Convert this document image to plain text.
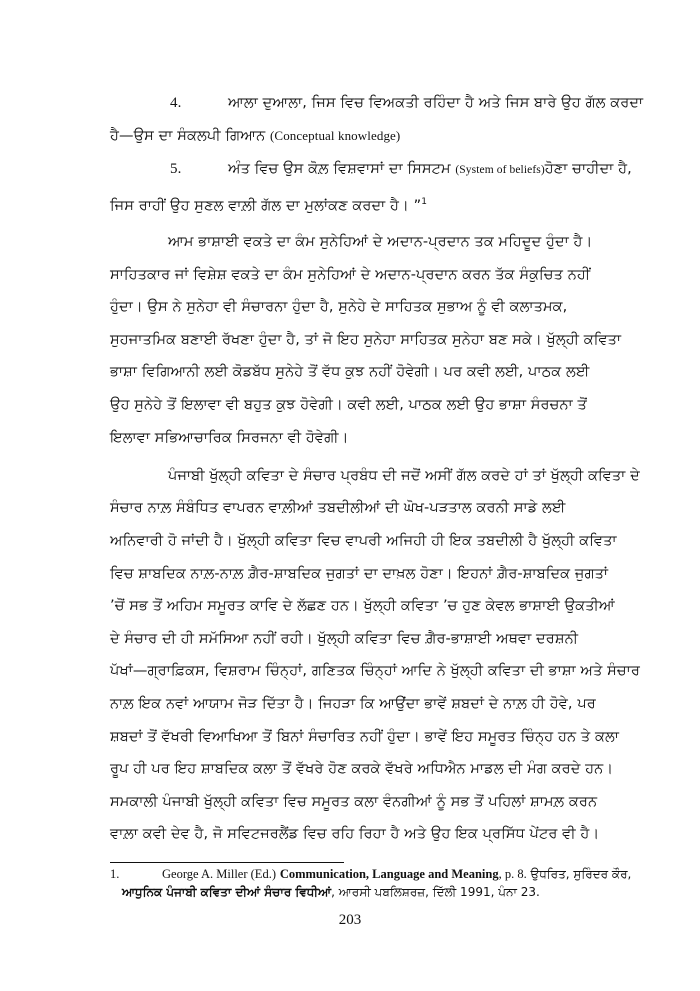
4.	ਆਲਾ ਦੁਆਲਾ, ਜਿਸ ਵਿਚ ਵਿਅਕਤੀ ਰਹਿੰਦਾ ਹੈ ਅਤੇ ਜਿਸ ਬਾਰੇ ਉਹ ਗੱਲ ਕਰਦਾ
ਹੈ—ਉਸ ਦਾ ਸੰਕਲਪੀ ਗਿਆਨ (Conceptual knowledge)
5.	ਅੰਤ ਵਿਚ ਉਸ ਕੋਲ਼ ਵਿਸ਼ਵਾਸਾਂ ਦਾ ਸਿਸਟਮ (System of beliefs)ਹੋਣਾ ਚਾਹੀਦਾ ਹੈ,
ਜਿਸ ਰਾਹੀਂ ਉਹ ਸੁਣਲ ਵਾਲ਼ੀ ਗੱਲ ਦਾ ਮੁਲਾਂਕਣ ਕਰਦਾ ਹੈ। ”$^1$
ਆਮ ਭਾਸ਼ਾਈ ਵਕਤੇ ਦਾ ਕੰਮ ਸੁਨੇਹਿਆਂ ਦੇ ਅਦਾਨ-ਪ੍ਰਦਾਨ ਤਕ ਮਹਿਦੂਦ ਹੁੰਦਾ ਹੈ।
ਸਾਹਿਤਕਾਰ ਜਾਂ ਵਿਸ਼ੇਸ਼ ਵਕਤੇ ਦਾ ਕੰਮ ਸੁਨੇਹਿਆਂ ਦੇ ਅਦਾਨ-ਪ੍ਰਦਾਨ ਕਰਨ ਤੱਕ ਸੰਕੁਚਿਤ ਨਹੀਂ
ਹੁੰਦਾ। ਉਸ ਨੇ ਸੁਨੇਹਾ ਵੀ ਸੰਚਾਰਨਾ ਹੁੰਦਾ ਹੈ, ਸੁਨੇਹੇ ਦੇ ਸਾਹਿਤਕ ਸੁਭਾਅ ਨੂੰ ਵੀ ਕਲਾਤਮਕ,
ਸੁਹਜਾਤਮਿਕ ਬਣਾਈ ਰੱਖਣਾ ਹੁੰਦਾ ਹੈ, ਤਾਂ ਜੋ ਇਹ ਸੁਨੇਹਾ ਸਾਹਿਤਕ ਸੁਨੇਹਾ ਬਣ ਸਕੇ। ਖੁੱਲ੍ਹੀ ਕਵਿਤਾ
ਭਾਸ਼ਾ ਵਿਗਿਆਨੀ ਲਈ ਕੋਡਬੱਧ ਸੁਨੇਹੇ ਤੋਂ ਵੱਧ ਕੁਝ ਨਹੀਂ ਹੋਵੇਗੀ। ਪਰ ਕਵੀ ਲਈ, ਪਾਠਕ ਲਈ
ਉਹ ਸੁਨੇਹੇ ਤੋਂ ਇਲਾਵਾ ਵੀ ਬਹੁਤ ਕੁਝ ਹੋਵੇਗੀ। ਕਵੀ ਲਈ, ਪਾਠਕ ਲਈ ਉਹ ਭਾਸ਼ਾ ਸੰਰਚਨਾ ਤੋਂ
ਇਲਾਵਾ ਸਭਿਆਚਾਰਿਕ ਸਿਰਜਨਾ ਵੀ ਹੋਵੇਗੀ।
ਪੰਜਾਬੀ ਖੁੱਲ੍ਹੀ ਕਵਿਤਾ ਦੇ ਸੰਚਾਰ ਪ੍ਰਬੰਧ ਦੀ ਜਦੋਂ ਅਸੀਂ ਗੱਲ ਕਰਦੇ ਹਾਂ ਤਾਂ ਖੁੱਲ੍ਹੀ ਕਵਿਤਾ ਦੇ
ਸੰਚਾਰ ਨਾਲ਼ ਸੰਬੰਧਿਤ ਵਾਪਰਨ ਵਾਲ਼ੀਆਂ ਤਬਦੀਲੀਆਂ ਦੀ ਘੋਖ-ਪੜਤਾਲ ਕਰਨੀ ਸਾਡੇ ਲਈ
ਅਨਿਵਾਰੀ ਹੋ ਜਾਂਦੀ ਹੈ। ਖੁੱਲ੍ਹੀ ਕਵਿਤਾ ਵਿਚ ਵਾਪਰੀ ਅਜਿਹੀ ਹੀ ਇਕ ਤਬਦੀਲੀ ਹੈ ਖੁੱਲ੍ਹੀ ਕਵਿਤਾ
ਵਿਚ ਸ਼ਾਬਦਿਕ ਨਾਲ਼-ਨਾਲ਼ ਗ਼ੈਰ-ਸ਼ਾਬਦਿਕ ਜੁਗਤਾਂ ਦਾ ਦਾਖ਼ਲ ਹੋਣਾ। ਇਹਨਾਂ ਗ਼ੈਰ-ਸ਼ਾਬਦਿਕ ਜੁਗਤਾਂ
’ਚੋਂ ਸਭ ਤੋਂ ਅਹਿਮ ਸਮੂਰਤ ਕਾਵਿ ਦੇ ਲੱਛਣ ਹਨ। ਖੁੱਲ੍ਹੀ ਕਵਿਤਾ ’ਚ ਹੁਣ ਕੇਵਲ ਭਾਸ਼ਾਈ ਉਕਤੀਆਂ
ਦੇ ਸੰਚਾਰ ਦੀ ਹੀ ਸਮੱਸਿਆ ਨਹੀਂ ਰਹੀ। ਖੁੱਲ੍ਹੀ ਕਵਿਤਾ ਵਿਚ ਗ਼ੈਰ-ਭਾਸ਼ਾਈ ਅਥਵਾ ਦਰਸ਼ਨੀ
ਪੱਖਾਂ—ਗ੍ਰਾਫ਼ਿਕਸ, ਵਿਸ਼ਰਾਮ ਚਿੰਨ੍ਹਾਂ, ਗਣਿਤਕ ਚਿੰਨ੍ਹਾਂ ਆਦਿ ਨੇ ਖੁੱਲ੍ਹੀ ਕਵਿਤਾ ਦੀ ਭਾਸ਼ਾ ਅਤੇ ਸੰਚਾਰ
ਨਾਲ਼ ਇਕ ਨਵਾਂ ਆਯਾਮ ਜੋੜ ਦਿੱਤਾ ਹੈ। ਜਿਹੜਾ ਕਿ ਆਉਂਦਾ ਭਾਵੇਂ ਸ਼ਬਦਾਂ ਦੇ ਨਾਲ਼ ਹੀ ਹੋਵੇ, ਪਰ
ਸ਼ਬਦਾਂ ਤੋਂ ਵੱਖਰੀ ਵਿਆਖਿਆ ਤੋਂ ਬਿਨਾਂ ਸੰਚਾਰਿਤ ਨਹੀਂ ਹੁੰਦਾ। ਭਾਵੇਂ ਇਹ ਸਮੂਰਤ ਚਿੰਨ੍ਹ ਹਨ ਤੇ ਕਲਾ
ਰੂਪ ਹੀ ਪਰ ਇਹ ਸ਼ਾਬਦਿਕ ਕਲਾ ਤੋਂ ਵੱਖਰੇ ਹੋਣ ਕਰਕੇ ਵੱਖਰੇ ਅਧਿਐਨ ਮਾਡਲ ਦੀ ਮੰਗ ਕਰਦੇ ਹਨ।
ਸਮਕਾਲੀ ਪੰਜਾਬੀ ਖੁੱਲ੍ਹੀ ਕਵਿਤਾ ਵਿਚ ਸਮੂਰਤ ਕਲਾ ਵੰਨਗੀਆਂ ਨੂੰ ਸਭ ਤੋਂ ਪਹਿਲਾਂ ਸ਼ਾਮਲ਼ ਕਰਨ
ਵਾਲ਼ਾ ਕਵੀ ਦੇਵ ਹੈ, ਜੋ ਸਵਿਟਜਰਲੈਂਡ ਵਿਚ ਰਹਿ ਰਿਹਾ ਹੈ ਅਤੇ ਉਹ ਇਕ ਪ੍ਰਸਿੱਧ ਪੇਂਟਰ ਵੀ ਹੈ।
1.	George A. Miller (Ed.) Communication, Language and Meaning, p. 8. ਉਧਰਿਤ, ਸੁਰਿੰਦਰ ਕੌਰ,
ਆਧੁਨਿਕ ਪੰਜਾਬੀ ਕਵਿਤਾ ਦੀਆਂ ਸੰਚਾਰ ਵਿਧੀਆਂ, ਆਰਸੀ ਪਬਲਿਸ਼ਰਜ਼, ਦਿੱਲੀ 1991, ਪੰਨਾ 23.
203
